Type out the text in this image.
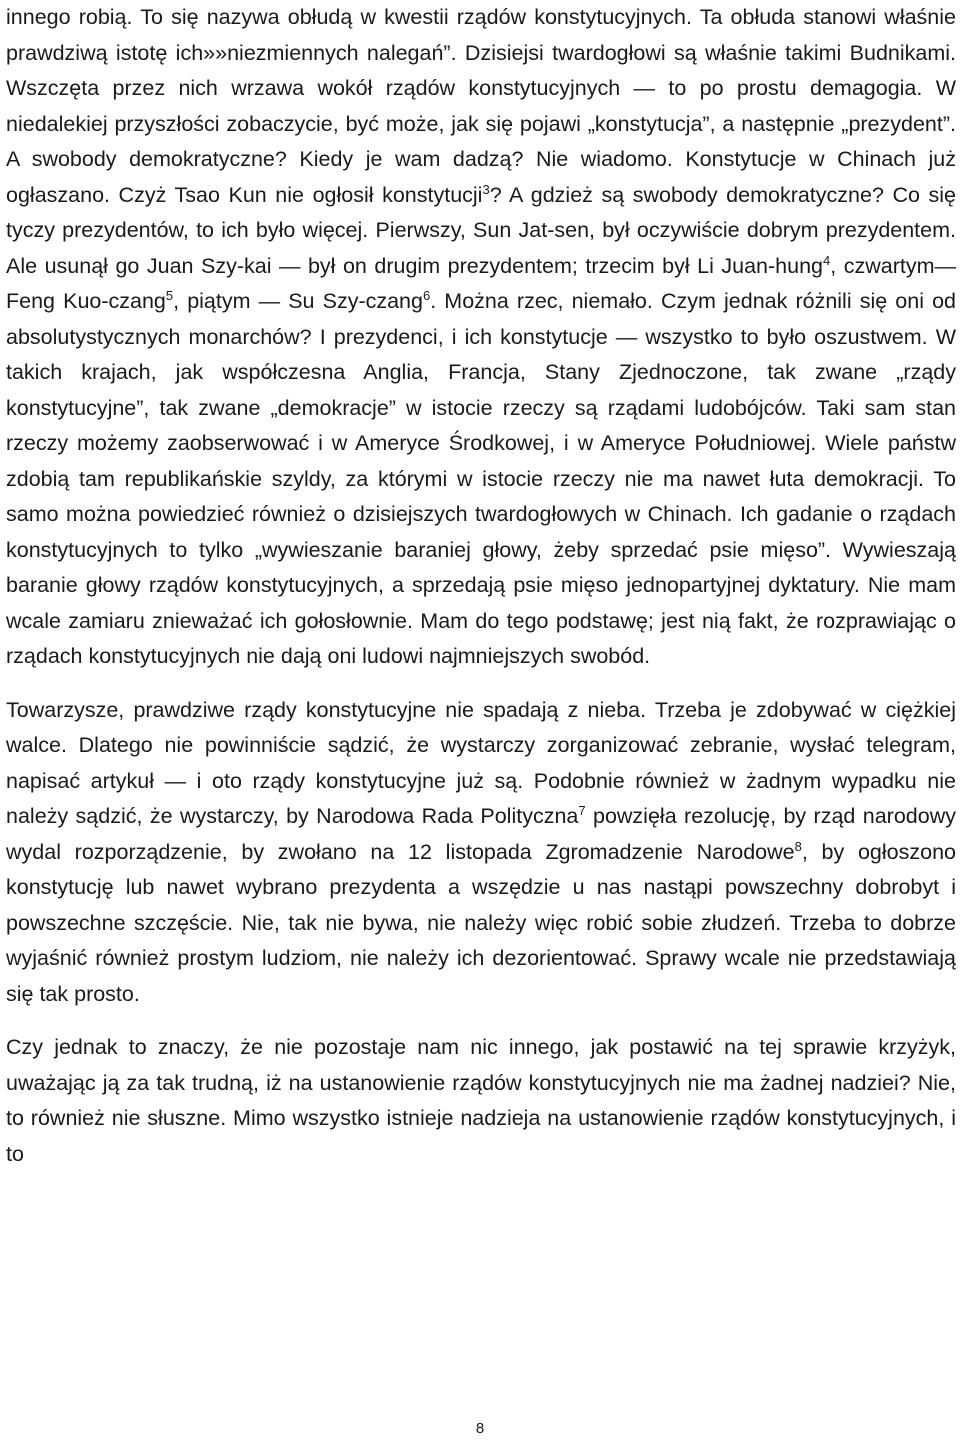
innego robią. To się nazywa obłudą w kwestii rządów konstytucyjnych. Ta obłuda stanowi właśnie prawdziwą istotę ich»»niezmiennych nalegań”. Dzisiejsi twardogłowi są właśnie takimi Budnikami. Wszczęta przez nich wrzawa wokół rządów konstytucyjnych — to po prostu demagogia. W niedalekiej przyszłości zobaczycie, być może, jak się pojawi „konstytucja”, a następnie „prezydent”. A swobody demokratyczne? Kiedy je wam dadzą? Nie wiadomo. Konstytucje w Chinach już ogłaszano. Czyż Tsao Kun nie ogłosił konstytucji$^3$? A gdzież są swobody demokratyczne? Co się tyczy prezydentów, to ich było więcej. Pierwszy, Sun Jat-sen, był oczywiście dobrym prezydentem. Ale usunął go Juan Szy-kai — był on drugim prezydentem; trzecim był Li Juan-hung$^4$, czwartym— Feng Kuo-czang$^5$, piątym — Su Szy-czang$^6$. Można rzec, niemało. Czym jednak różnili się oni od absolutystycznych monarchów? I prezydenci, i ich konstytucje — wszystko to było oszustwem. W takich krajach, jak współczesna Anglia, Francja, Stany Zjednoczone, tak zwane „rządy konstytucyjne”, tak zwane „demokracje” w istocie rzeczy są rządami ludobójców. Taki sam stan rzeczy możemy zaobserwować i w Ameryce Środkowej, i w Ameryce Południowej. Wiele państw zdobią tam republikańskie szyldy, za którymi w istocie rzeczy nie ma nawet łuta demokracji. To samo można powiedzieć również o dzisiejszych twardogłowych w Chinach. Ich gadanie o rządach konstytucyjnych to tylko „wywieszanie baraniej głowy, żeby sprzedać psie mięso”. Wywieszają baranie głowy rządów konstytucyjnych, a sprzedają psie mięso jednopartyjnej dyktatury. Nie mam wcale zamiaru znieważać ich gołosłownie. Mam do tego podstawę; jest nią fakt, że rozprawiając o rządach konstytucyjnych nie dają oni ludowi najmniejszych swobód.

Towarzysze, prawdziwe rządy konstytucyjne nie spadają z nieba. Trzeba je zdobywać w ciężkiej walce. Dlatego nie powinniście sądzić, że wystarczy zorganizować zebranie, wysłać telegram, napisać artykuł — i oto rządy konstytucyjne już są. Podobnie również w żadnym wypadku nie należy sądzić, że wystarczy, by Narodowa Rada Polityczna$^7$ powzięła rezolucję, by rząd narodowy wydal rozporządzenie, by zwołano na 12 listopada Zgromadzenie Narodowe$^8$, by ogłoszono konstytucję lub nawet wybrano prezydenta a wszędzie u nas nastąpi powszechny dobrobyt i powszechne szczęście. Nie, tak nie bywa, nie należy więc robić sobie złudzeń. Trzeba to dobrze wyjaśnić również prostym ludziom, nie należy ich dezorientować. Sprawy wcale nie przedstawiają się tak prosto.

Czy jednak to znaczy, że nie pozostaje nam nic innego, jak postawić na tej sprawie krzyżyk, uważając ją za tak trudną, iż na ustanowienie rządów konstytucyjnych nie ma żadnej nadziei? Nie, to również nie słuszne. Mimo wszystko istnieje nadzieja na ustanowienie rządów konstytucyjnych, i to

8
